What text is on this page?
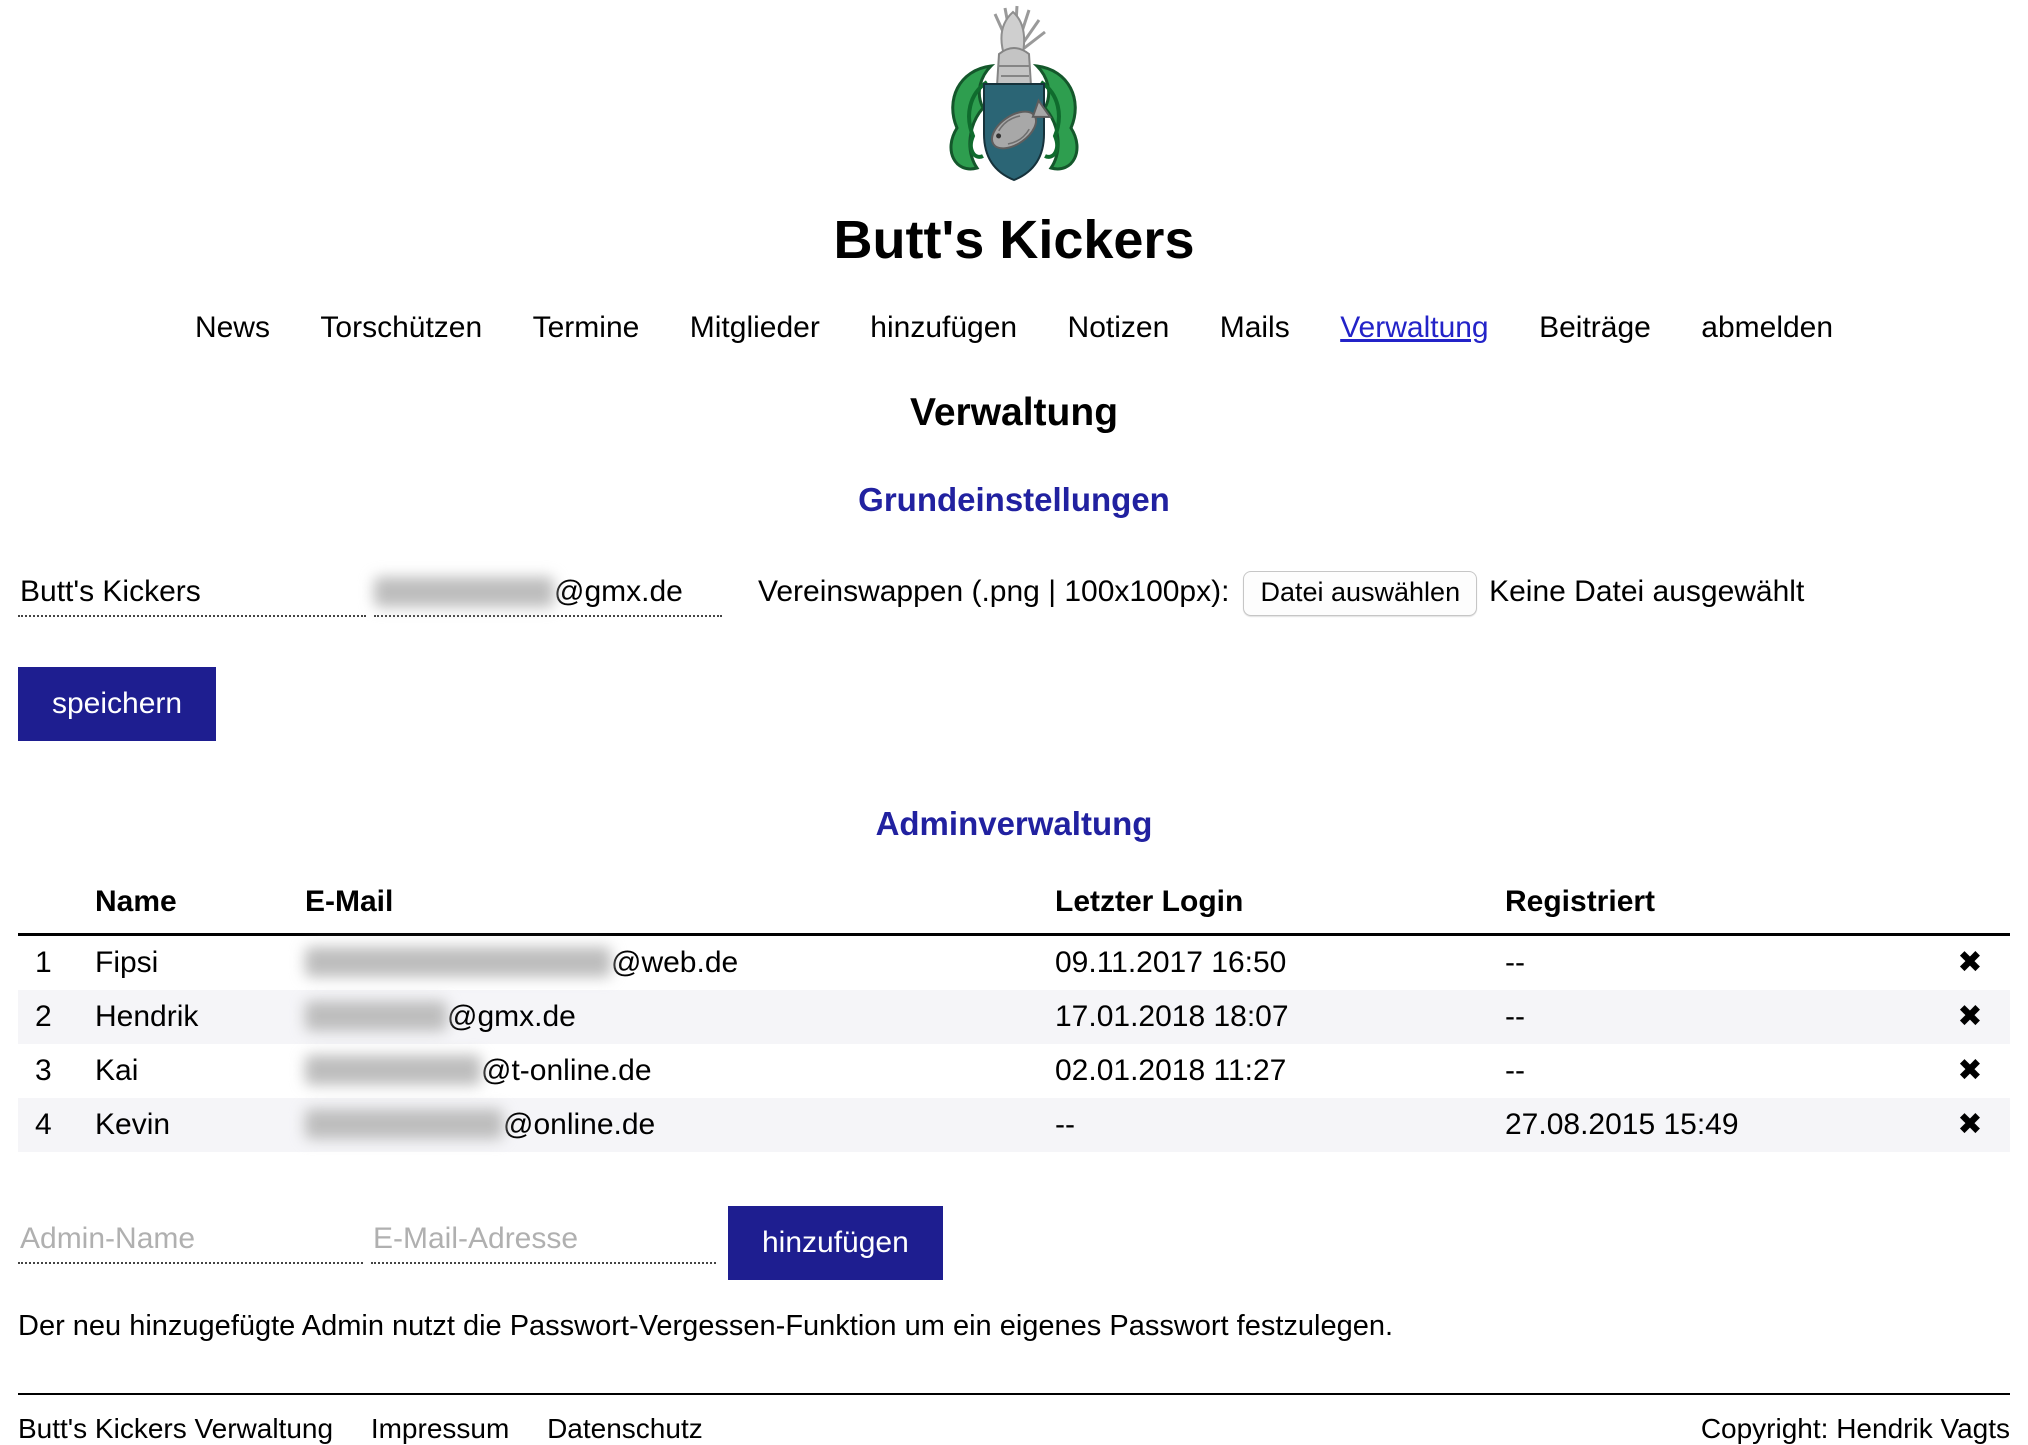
Butt's Kickers
News Torschützen Termine Mitglieder hinzufügen Notizen Mails Verwaltung Beiträge abmelden
Verwaltung
Grundeinstellungen
Butt's Kickers
@gmx.de	Vereinswappen (.png | 100x100px):	Datei auswählen Keine Datei ausgewählt
speichern
Adminverwaltung
	Name	E-Mail	Letzter Login	Registriert	
1	Fipsi	@web.de	09.11.2017 16:50	--	✖
2	Hendrik	@gmx.de	17.01.2018 18:07	--	✖
3	Kai	@t-online.de	02.01.2018 11:27	--	✖
4	Kevin	@online.de	--	27.08.2015 15:49	✖
Admin-Name
E-Mail-Adresse
hinzufügen

Der neu hinzugefügte Admin nutzt die Passwort-Vergessen-Funktion um ein eigenes Passwort festzulegen.

Butt's Kickers Verwaltung Impressum Datenschutz	Copyright: Hendrik Vagts
